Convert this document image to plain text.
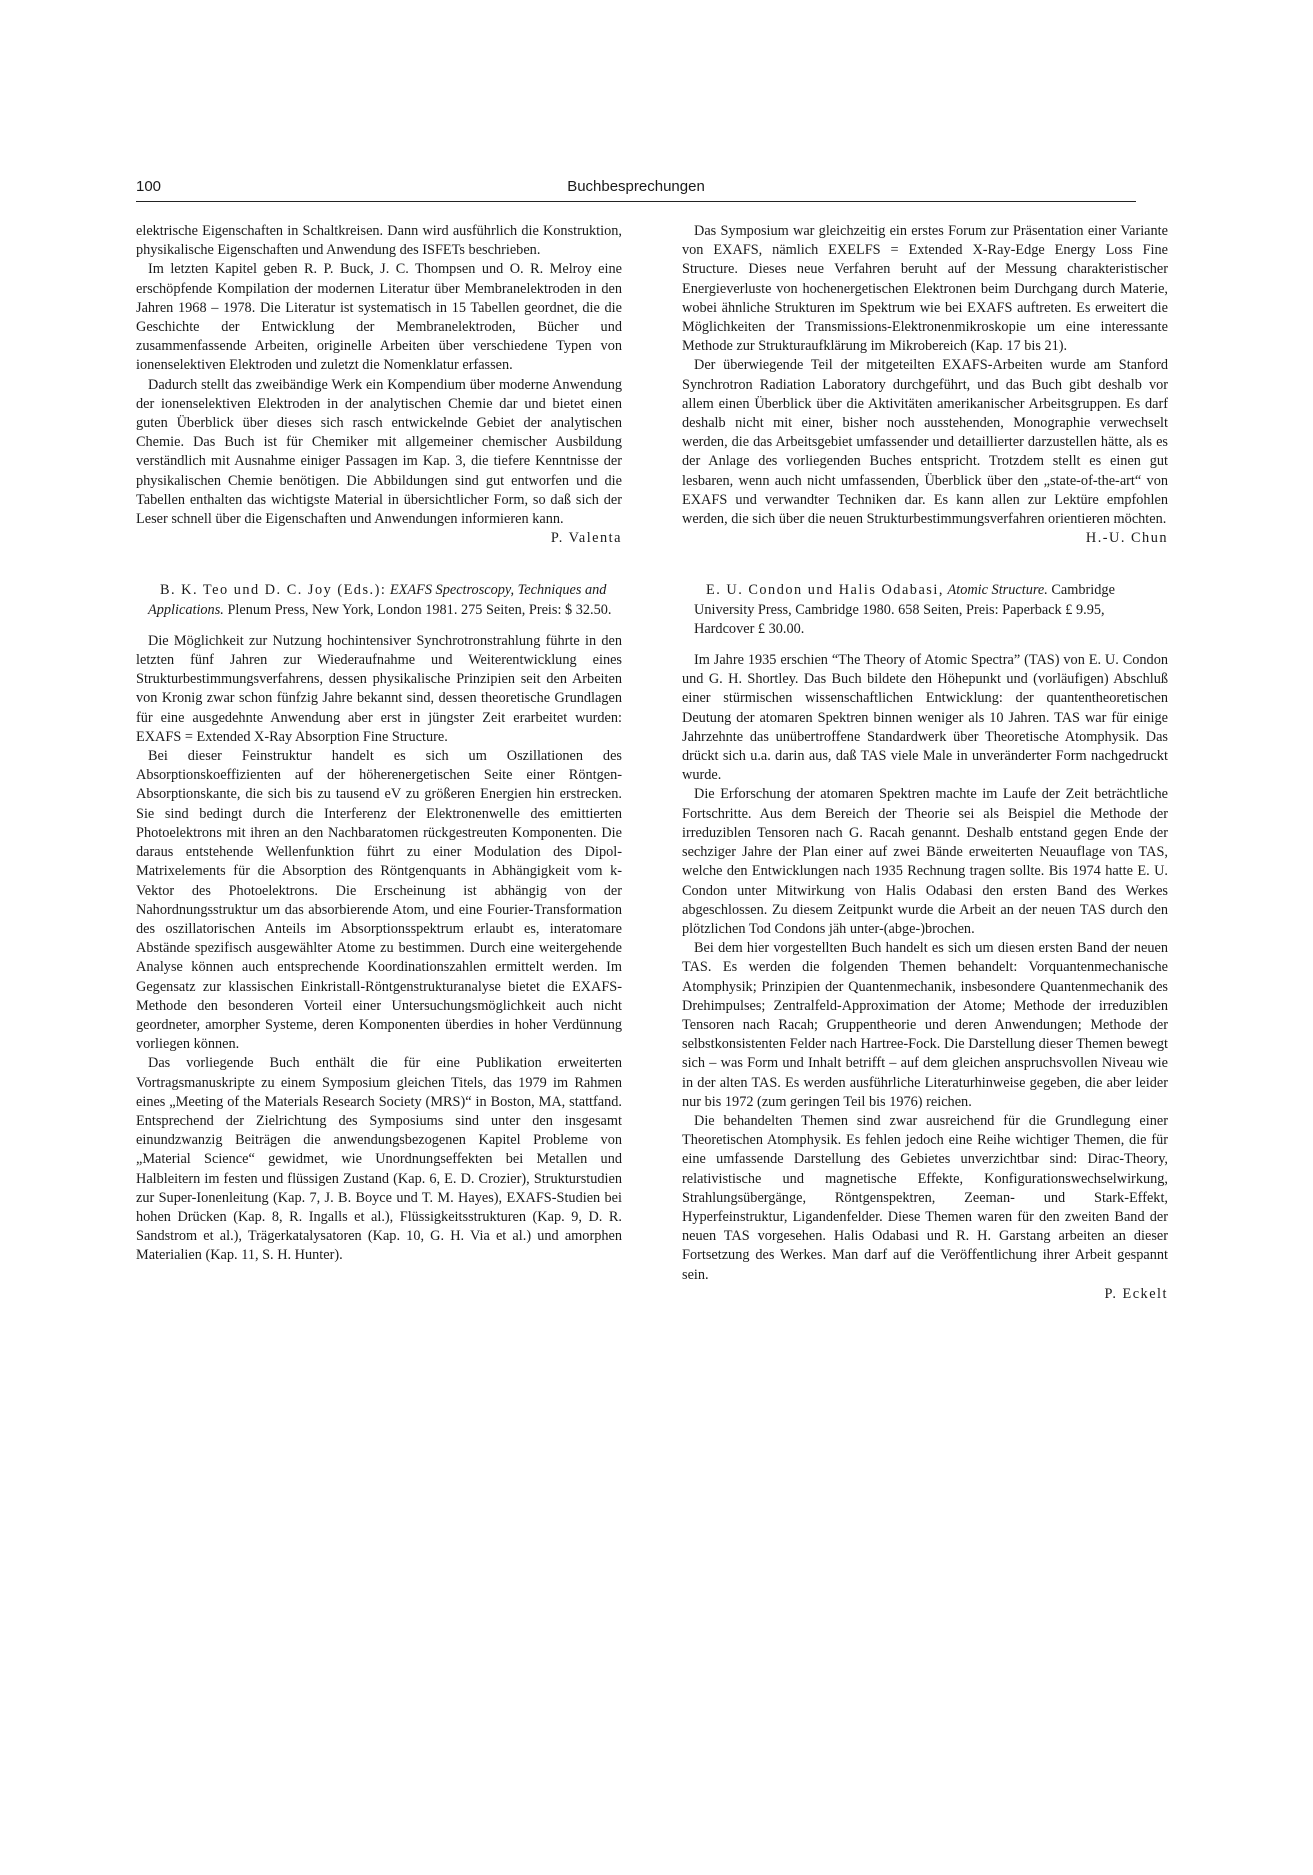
100	Buchbesprechungen

elektrische Eigenschaften in Schaltkreisen. Dann wird ausführlich die Konstruktion, physikalische Eigenschaften und Anwendung des ISFETs beschrieben.

Im letzten Kapitel geben R. P. Buck, J. C. Thompsen und O. R. Melroy eine erschöpfende Kompilation der modernen Literatur über Membranelektroden in den Jahren 1968 – 1978. Die Literatur ist systematisch in 15 Tabellen geordnet, die die Geschichte der Entwicklung der Membranelektroden, Bücher und zusammenfassende Arbeiten, originelle Arbeiten über verschiedene Typen von ionenselektiven Elektroden und zuletzt die Nomenklatur erfassen.

Dadurch stellt das zweibändige Werk ein Kompendium über moderne Anwendung der ionenselektiven Elektroden in der analytischen Chemie dar und bietet einen guten Überblick über dieses sich rasch entwickelnde Gebiet der analytischen Chemie. Das Buch ist für Chemiker mit allgemeiner chemischer Ausbildung verständlich mit Ausnahme einiger Passagen im Kap. 3, die tiefere Kenntnisse der physikalischen Chemie benötigen. Die Abbildungen sind gut entworfen und die Tabellen enthalten das wichtigste Material in übersichtlicher Form, so daß sich der Leser schnell über die Eigenschaften und Anwendungen informieren kann.

P. Valenta

B. K. Teo und D. C. Joy (Eds.): EXAFS Spectroscopy, Techniques and Applications. Plenum Press, New York, London 1981. 275 Seiten, Preis: $ 32.50.

Die Möglichkeit zur Nutzung hochintensiver Synchrotronstrahlung führte in den letzten fünf Jahren zur Wiederaufnahme und Weiterentwicklung eines Strukturbestimmungsverfahrens, dessen physikalische Prinzipien seit den Arbeiten von Kronig zwar schon fünfzig Jahre bekannt sind, dessen theoretische Grundlagen für eine ausgedehnte Anwendung aber erst in jüngster Zeit erarbeitet wurden: EXAFS = Extended X-Ray Absorption Fine Structure.

Bei dieser Feinstruktur handelt es sich um Oszillationen des Absorptionskoeffizienten auf der höherenergetischen Seite einer Röntgen-Absorptionskante, die sich bis zu tausend eV zu größeren Energien hin erstrecken. Sie sind bedingt durch die Interferenz der Elektronenwelle des emittierten Photoelektrons mit ihren an den Nachbaratomen rückgestreuten Komponenten. Die daraus entstehende Wellenfunktion führt zu einer Modulation des Dipol-Matrixelements für die Absorption des Röntgenquants in Abhängigkeit vom k-Vektor des Photoelektrons. Die Erscheinung ist abhängig von der Nahordnungsstruktur um das absorbierende Atom, und eine Fourier-Transformation des oszillatorischen Anteils im Absorptionsspektrum erlaubt es, interatomare Abstände spezifisch ausgewählter Atome zu bestimmen. Durch eine weitergehende Analyse können auch entsprechende Koordinationszahlen ermittelt werden. Im Gegensatz zur klassischen Einkristall-Röntgenstrukturanalyse bietet die EXAFS-Methode den besonderen Vorteil einer Untersuchungsmöglichkeit auch nicht geordneter, amorpher Systeme, deren Komponenten überdies in hoher Verdünnung vorliegen können.

Das vorliegende Buch enthält die für eine Publikation erweiterten Vortragsmanuskripte zu einem Symposium gleichen Titels, das 1979 im Rahmen eines „Meeting of the Materials Research Society (MRS)“ in Boston, MA, stattfand. Entsprechend der Zielrichtung des Symposiums sind unter den insgesamt einundzwanzig Beiträgen die anwendungsbezogenen Kapitel Probleme von „Material Science“ gewidmet, wie Unordnungseffekten bei Metallen und Halbleitern im festen und flüssigen Zustand (Kap. 6, E. D. Crozier), Strukturstudien zur Super-Ionenleitung (Kap. 7, J. B. Boyce und T. M. Hayes), EXAFS-Studien bei hohen Drücken (Kap. 8, R. Ingalls et al.), Flüssigkeitsstrukturen (Kap. 9, D. R. Sandstrom et al.), Trägerkatalysatoren (Kap. 10, G. H. Via et al.) und amorphen Materialien (Kap. 11, S. H. Hunter).

Das Symposium war gleichzeitig ein erstes Forum zur Präsentation einer Variante von EXAFS, nämlich EXELFS = Extended X-Ray-Edge Energy Loss Fine Structure. Dieses neue Verfahren beruht auf der Messung charakteristischer Energieverluste von hochenergetischen Elektronen beim Durchgang durch Materie, wobei ähnliche Strukturen im Spektrum wie bei EXAFS auftreten. Es erweitert die Möglichkeiten der Transmissions-Elektronenmikroskopie um eine interessante Methode zur Strukturaufklärung im Mikrobereich (Kap. 17 bis 21).

Der überwiegende Teil der mitgeteilten EXAFS-Arbeiten wurde am Stanford Synchrotron Radiation Laboratory durchgeführt, und das Buch gibt deshalb vor allem einen Überblick über die Aktivitäten amerikanischer Arbeitsgruppen. Es darf deshalb nicht mit einer, bisher noch ausstehenden, Monographie verwechselt werden, die das Arbeitsgebiet umfassender und detaillierter darzustellen hätte, als es der Anlage des vorliegenden Buches entspricht. Trotzdem stellt es einen gut lesbaren, wenn auch nicht umfassenden, Überblick über den „state-of-the-art“ von EXAFS und verwandter Techniken dar. Es kann allen zur Lektüre empfohlen werden, die sich über die neuen Strukturbestimmungsverfahren orientieren möchten.

H.-U. Chun

E. U. Condon und Halis Odabasi, Atomic Structure. Cambridge University Press, Cambridge 1980. 658 Seiten, Preis: Paperback £ 9.95, Hardcover £ 30.00.

Im Jahre 1935 erschien “The Theory of Atomic Spectra” (TAS) von E. U. Condon und G. H. Shortley. Das Buch bildete den Höhepunkt und (vorläufigen) Abschluß einer stürmischen wissenschaftlichen Entwicklung: der quantentheoretischen Deutung der atomaren Spektren binnen weniger als 10 Jahren. TAS war für einige Jahrzehnte das unübertroffene Standardwerk über Theoretische Atomphysik. Das drückt sich u.a. darin aus, daß TAS viele Male in unveränderter Form nachgedruckt wurde.

Die Erforschung der atomaren Spektren machte im Laufe der Zeit beträchtliche Fortschritte. Aus dem Bereich der Theorie sei als Beispiel die Methode der irreduziblen Tensoren nach G. Racah genannt. Deshalb entstand gegen Ende der sechziger Jahre der Plan einer auf zwei Bände erweiterten Neuauflage von TAS, welche den Entwicklungen nach 1935 Rechnung tragen sollte. Bis 1974 hatte E. U. Condon unter Mitwirkung von Halis Odabasi den ersten Band des Werkes abgeschlossen. Zu diesem Zeitpunkt wurde die Arbeit an der neuen TAS durch den plötzlichen Tod Condons jäh unter-(abge-)brochen.

Bei dem hier vorgestellten Buch handelt es sich um diesen ersten Band der neuen TAS. Es werden die folgenden Themen behandelt: Vorquantenmechanische Atomphysik; Prinzipien der Quantenmechanik, insbesondere Quantenmechanik des Drehimpulses; Zentralfeld-Approximation der Atome; Methode der irreduziblen Tensoren nach Racah; Gruppentheorie und deren Anwendungen; Methode der selbstkonsistenten Felder nach Hartree-Fock. Die Darstellung dieser Themen bewegt sich – was Form und Inhalt betrifft – auf dem gleichen anspruchsvollen Niveau wie in der alten TAS. Es werden ausführliche Literaturhinweise gegeben, die aber leider nur bis 1972 (zum geringen Teil bis 1976) reichen.

Die behandelten Themen sind zwar ausreichend für die Grundlegung einer Theoretischen Atomphysik. Es fehlen jedoch eine Reihe wichtiger Themen, die für eine umfassende Darstellung des Gebietes unverzichtbar sind: Dirac-Theory, relativistische und magnetische Effekte, Konfigurationswechselwirkung, Strahlungsübergänge, Röntgenspektren, Zeeman- und Stark-Effekt, Hyperfeinstruktur, Ligandenfelder. Diese Themen waren für den zweiten Band der neuen TAS vorgesehen. Halis Odabasi und R. H. Garstang arbeiten an dieser Fortsetzung des Werkes. Man darf auf die Veröffentlichung ihrer Arbeit gespannt sein.

P. Eckelt
